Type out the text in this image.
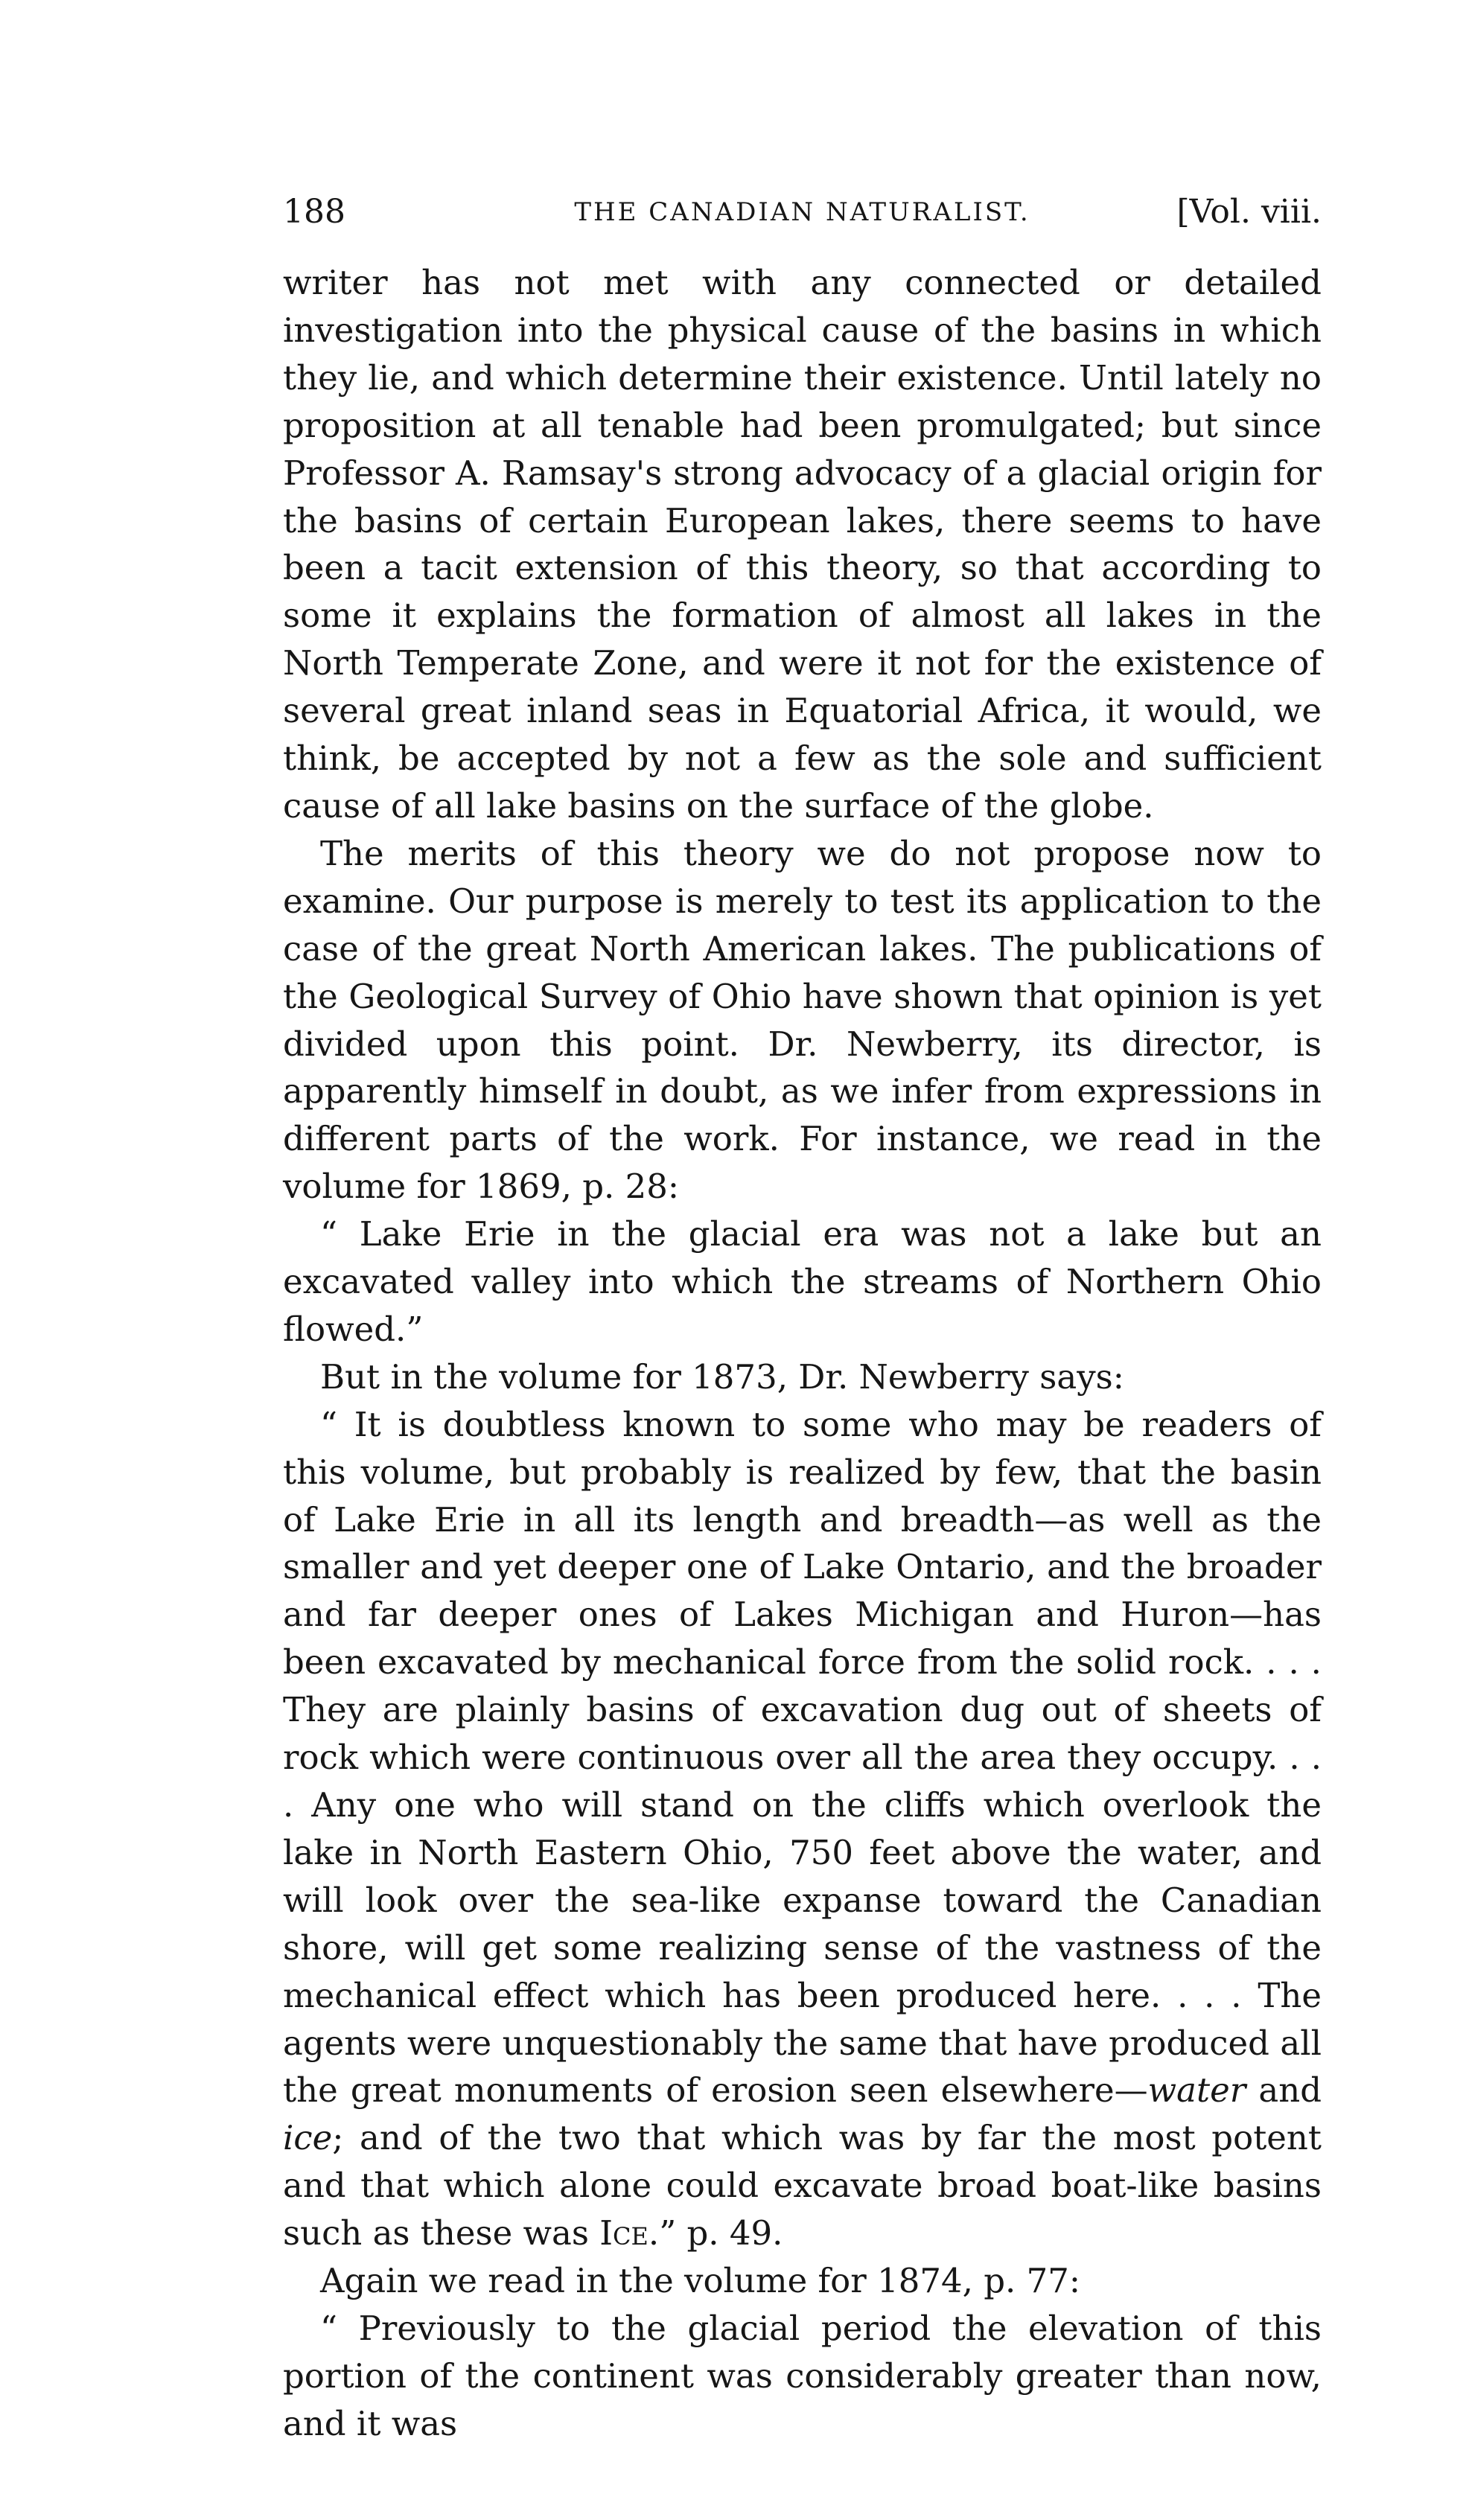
188	THE CANADIAN NATURALIST.	[Vol. viii.

writer has not met with any connected or detailed investigation into the physical cause of the basins in which they lie, and which determine their existence. Until lately no proposition at all tenable had been promulgated; but since Professor A. Ramsay's strong advocacy of a glacial origin for the basins of certain European lakes, there seems to have been a tacit extension of this theory, so that according to some it explains the formation of almost all lakes in the North Temperate Zone, and were it not for the existence of several great inland seas in Equatorial Africa, it would, we think, be accepted by not a few as the sole and sufficient cause of all lake basins on the surface of the globe.

The merits of this theory we do not propose now to examine. Our purpose is merely to test its application to the case of the great North American lakes. The publications of the Geological Survey of Ohio have shown that opinion is yet divided upon this point. Dr. Newberry, its director, is apparently himself in doubt, as we infer from expressions in different parts of the work. For instance, we read in the volume for 1869, p. 28:

“ Lake Erie in the glacial era was not a lake but an excavated valley into which the streams of Northern Ohio flowed.”

But in the volume for 1873, Dr. Newberry says:

“ It is doubtless known to some who may be readers of this volume, but probably is realized by few, that the basin of Lake Erie in all its length and breadth—as well as the smaller and yet deeper one of Lake Ontario, and the broader and far deeper ones of Lakes Michigan and Huron—has been excavated by mechanical force from the solid rock. . . . They are plainly basins of excavation dug out of sheets of rock which were continuous over all the area they occupy. . . . Any one who will stand on the cliffs which overlook the lake in North Eastern Ohio, 750 feet above the water, and will look over the sea-like expanse toward the Canadian shore, will get some realizing sense of the vastness of the mechanical effect which has been produced here. . . . The agents were unquestionably the same that have produced all the great monuments of erosion seen elsewhere—water and ice; and of the two that which was by far the most potent and that which alone could excavate broad boat-like basins such as these was Ice.” p. 49.

Again we read in the volume for 1874, p. 77:

“ Previously to the glacial period the elevation of this portion of the continent was considerably greater than now, and it was
